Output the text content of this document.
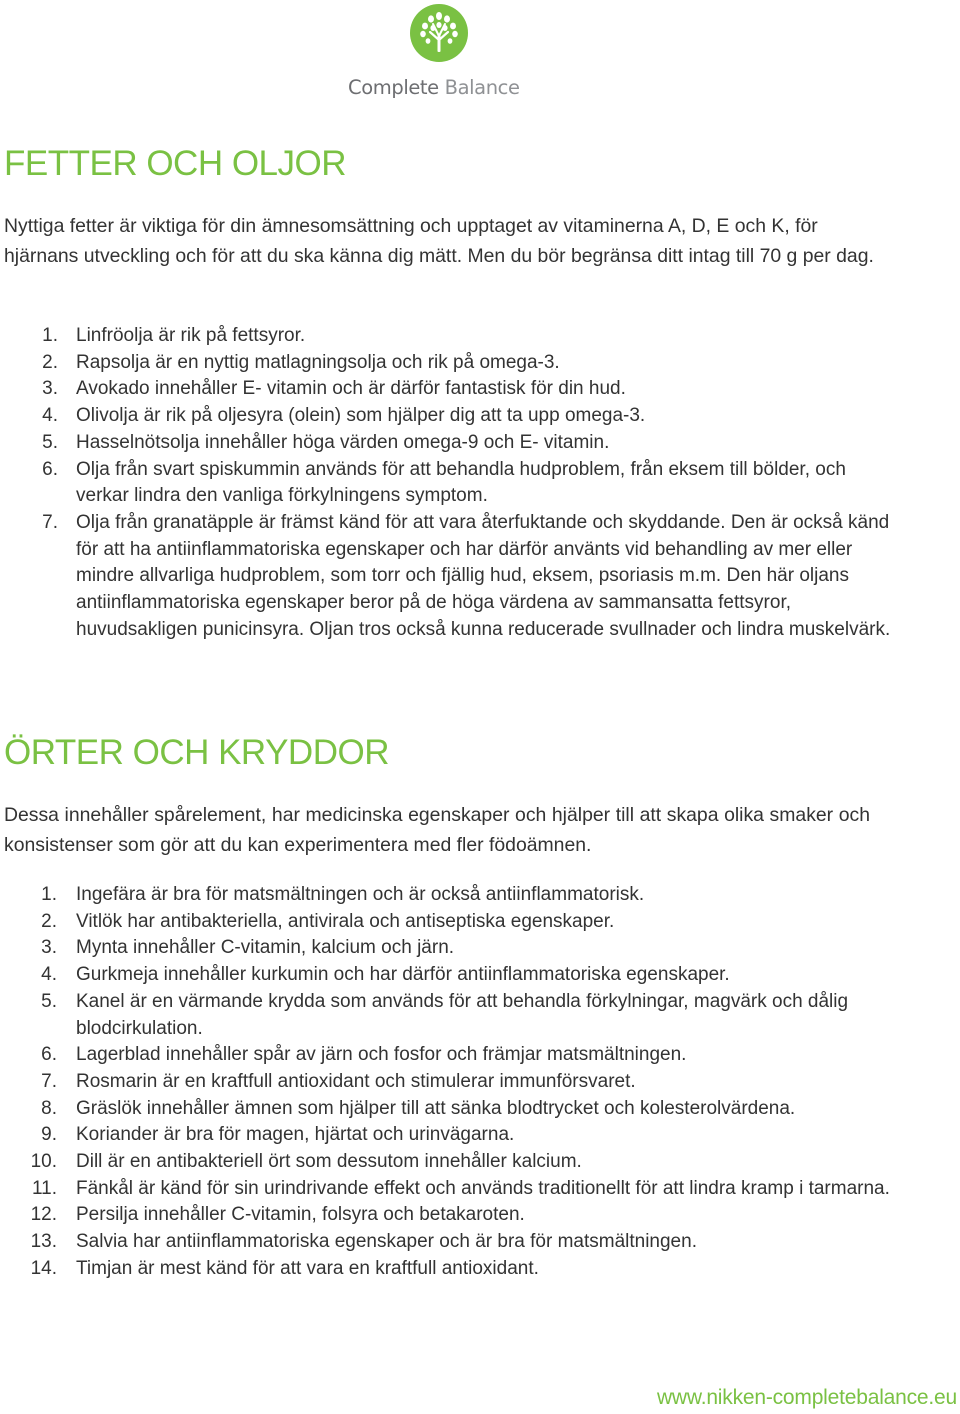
Complete Balance
FETTER OCH OLJOR

Nyttiga fetter är viktiga för din ämnesomsättning och upptaget av vitaminerna A, D, E och K, för hjärnans utveckling och för att du ska känna dig mätt. Men du bör begränsa ditt intag till 70 g per dag.

1. Linfröolja är rik på fettsyror.
2. Rapsolja är en nyttig matlagningsolja och rik på omega-3.
3. Avokado innehåller E- vitamin och är därför fantastisk för din hud.
4. Olivolja är rik på oljesyra (olein) som hjälper dig att ta upp omega-3.
5. Hasselnötsolja innehåller höga värden omega-9 och E- vitamin.
6. Olja från svart spiskummin används för att behandla hudproblem, från eksem till bölder, och verkar lindra den vanliga förkylningens symptom.
7. Olja från granatäpple är främst känd för att vara återfuktande och skyddande. Den är också känd för att ha antiinflammatoriska egenskaper och har därför använts vid behandling av mer eller mindre allvarliga hudproblem, som torr och fjällig hud, eksem, psoriasis m.m. Den här oljans antiinflammatoriska egenskaper beror på de höga värdena av sammansatta fettsyror, huvudsakligen punicinsyra. Oljan tros också kunna reducerade svullnader och lindra muskelvärk.
ÖRTER OCH KRYDDOR

Dessa innehåller spårelement, har medicinska egenskaper och hjälper till att skapa olika smaker och konsistenser som gör att du kan experimentera med fler födoämnen.

1. Ingefära är bra för matsmältningen och är också antiinflammatorisk.
2. Vitlök har antibakteriella, antivirala och antiseptiska egenskaper.
3. Mynta innehåller C-vitamin, kalcium och järn.
4. Gurkmeja innehåller kurkumin och har därför antiinflammatoriska egenskaper.
5. Kanel är en värmande krydda som används för att behandla förkylningar, magvärk och dålig blodcirkulation.
6. Lagerblad innehåller spår av järn och fosfor och främjar matsmältningen.
7. Rosmarin är en kraftfull antioxidant och stimulerar immunförsvaret.
8. Gräslök innehåller ämnen som hjälper till att sänka blodtrycket och kolesterolvärdena.
9. Koriander är bra för magen, hjärtat och urinvägarna.
10. Dill är en antibakteriell ört som dessutom innehåller kalcium.
11. Fänkål är känd för sin urindrivande effekt och används traditionellt för att lindra kramp i tarmarna.
12. Persilja innehåller C-vitamin, folsyra och betakaroten.
13. Salvia har antiinflammatoriska egenskaper och är bra för matsmältningen.
14. Timjan är mest känd för att vara en kraftfull antioxidant.
www.nikken-completebalance.eu
